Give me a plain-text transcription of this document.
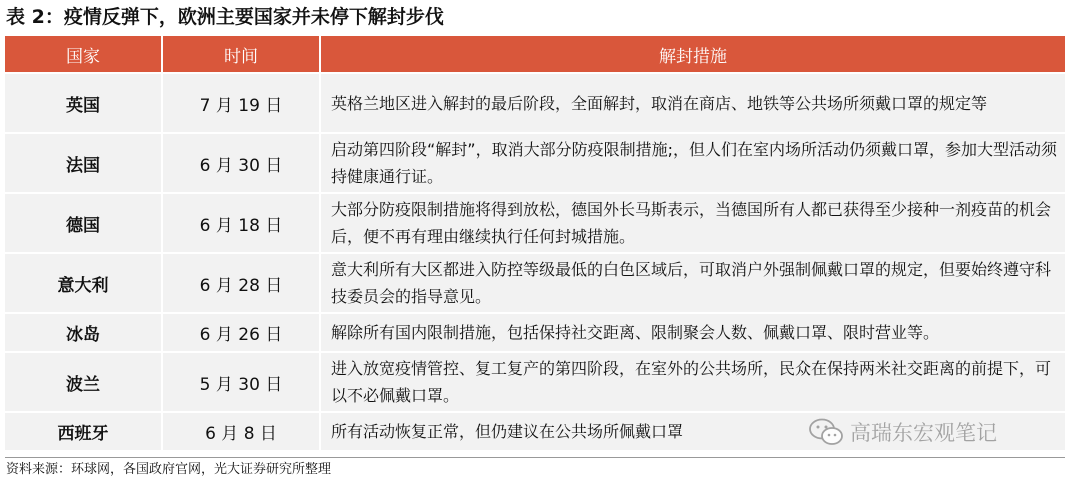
表 2：疫情反弹下，欧洲主要国家并未停下解封步伐
国家	时间	解封措施
英国	7 月 19 日	英格兰地区进入解封的最后阶段，全面解封，取消在商店、地铁等公共场所须戴口罩的规定等
法国	6 月 30 日	启动第四阶段“解封”，取消大部分防疫限制措施;，但人们在室内场所活动仍须戴口罩，参加大型活动须持健康通行证。
德国	6 月 18 日	大部分防疫限制措施将得到放松，德国外长马斯表示，当德国所有人都已获得至少接种一剂疫苗的机会后，便不再有理由继续执行任何封城措施。
意大利	6 月 28 日	意大利所有大区都进入防控等级最低的白色区域后，可取消户外强制佩戴口罩的规定，但要始终遵守科技委员会的指导意见。
冰岛	6 月 26 日	解除所有国内限制措施，包括保持社交距离、限制聚会人数、佩戴口罩、限时营业等。
波兰	5 月 30 日	进入放宽疫情管控、复工复产的第四阶段，在室外的公共场所，民众在保持两米社交距离的前提下，可以不必佩戴口罩。
西班牙	6 月 8 日	所有活动恢复正常，但仍建议在公共场所佩戴口罩
资料来源：环球网，各国政府官网，光大证券研究所整理
高瑞东宏观笔记
